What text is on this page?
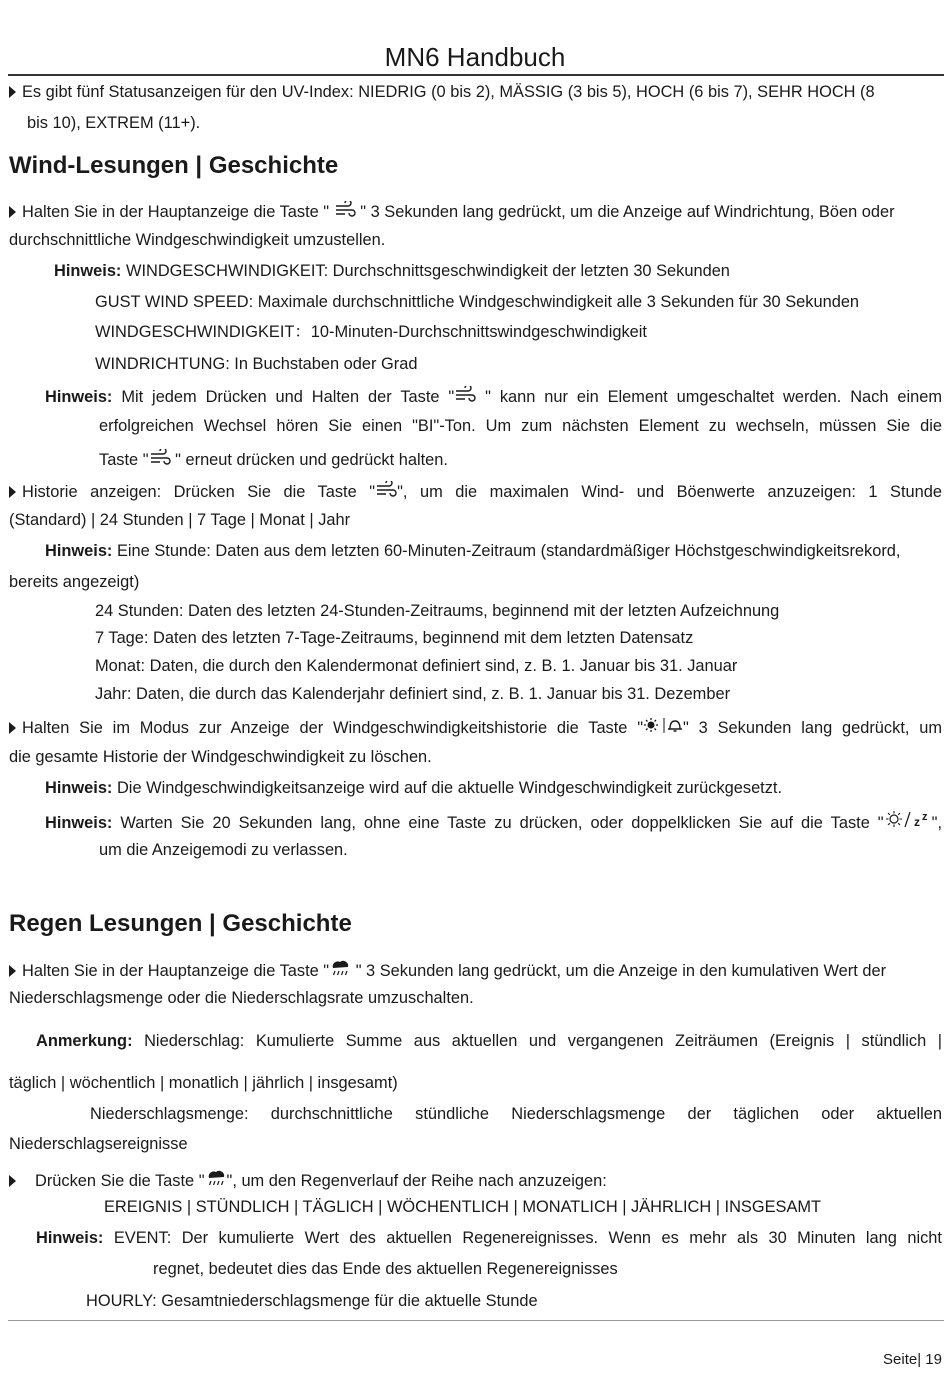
MN6 Handbuch
Es gibt fünf Statusanzeigen für den UV-Index: NIEDRIG (0 bis 2), MÄSSIG (3 bis 5), HOCH (6 bis 7), SEHR HOCH (8
bis 10), EXTREM (11+).
Wind-Lesungen | Geschichte
Halten Sie in der Hauptanzeige die Taste " " 3 Sekunden lang gedrückt, um die Anzeige auf Windrichtung, Böen oder
durchschnittliche Windgeschwindigkeit umzustellen.
Hinweis: WINDGESCHWINDIGKEIT: Durchschnittsgeschwindigkeit der letzten 30 Sekunden
GUST WIND SPEED: Maximale durchschnittliche Windgeschwindigkeit alle 3 Sekunden für 30 Sekunden
WINDGESCHWINDIGKEIT：10-Minuten-Durchschnittswindgeschwindigkeit
WINDRICHTUNG: In Buchstaben oder Grad
Hinweis: Mit jedem Drücken und Halten der Taste " " kann nur ein Element umgeschaltet werden. Nach einem
erfolgreichen Wechsel hören Sie einen "BI"-Ton. Um zum nächsten Element zu wechseln, müssen Sie die
Taste " " erneut drücken und gedrückt halten.
Historie anzeigen: Drücken Sie die Taste " ", um die maximalen Wind- und Böenwerte anzuzeigen: 1 Stunde
(Standard) | 24 Stunden | 7 Tage | Monat | Jahr
Hinweis: Eine Stunde: Daten aus dem letzten 60-Minuten-Zeitraum (standardmäßiger Höchstgeschwindigkeitsrekord,
bereits angezeigt)
24 Stunden: Daten des letzten 24-Stunden-Zeitraums, beginnend mit der letzten Aufzeichnung
7 Tage: Daten des letzten 7-Tage-Zeitraums, beginnend mit dem letzten Datensatz
Monat: Daten, die durch den Kalendermonat definiert sind, z. B. 1. Januar bis 31. Januar
Jahr: Daten, die durch das Kalenderjahr definiert sind, z. B. 1. Januar bis 31. Dezember
Halten Sie im Modus zur Anzeige der Windgeschwindigkeitshistorie die Taste " " 3 Sekunden lang gedrückt, um
die gesamte Historie der Windgeschwindigkeit zu löschen.
Hinweis: Die Windgeschwindigkeitsanzeige wird auf die aktuelle Windgeschwindigkeit zurückgesetzt.
Hinweis: Warten Sie 20 Sekunden lang, ohne eine Taste zu drücken, oder doppelklicken Sie auf die Taste "	z z ",
um die Anzeigemodi zu verlassen.
Regen Lesungen | Geschichte
Halten Sie in der Hauptanzeige die Taste " " 3 Sekunden lang gedrückt, um die Anzeige in den kumulativen Wert der
Niederschlagsmenge oder die Niederschlagsrate umzuschalten.
Anmerkung: Niederschlag: Kumulierte Summe aus aktuellen und vergangenen Zeiträumen (Ereignis | stündlich |
täglich | wöchentlich | monatlich | jährlich | insgesamt)
Niederschlagsmenge: durchschnittliche stündliche Niederschlagsmenge der täglichen oder aktuellen
Niederschlagsereignisse
Drücken Sie die Taste " ", um den Regenverlauf der Reihe nach anzuzeigen:
EREIGNIS | STÜNDLICH | TÄGLICH | WÖCHENTLICH | MONATLICH | JÄHRLICH | INSGESAMT
Hinweis: EVENT: Der kumulierte Wert des aktuellen Regenereignisses. Wenn es mehr als 30 Minuten lang nicht
regnet, bedeutet dies das Ende des aktuellen Regenereignisses
HOURLY: Gesamtniederschlagsmenge für die aktuelle Stunde
Seite| 19
